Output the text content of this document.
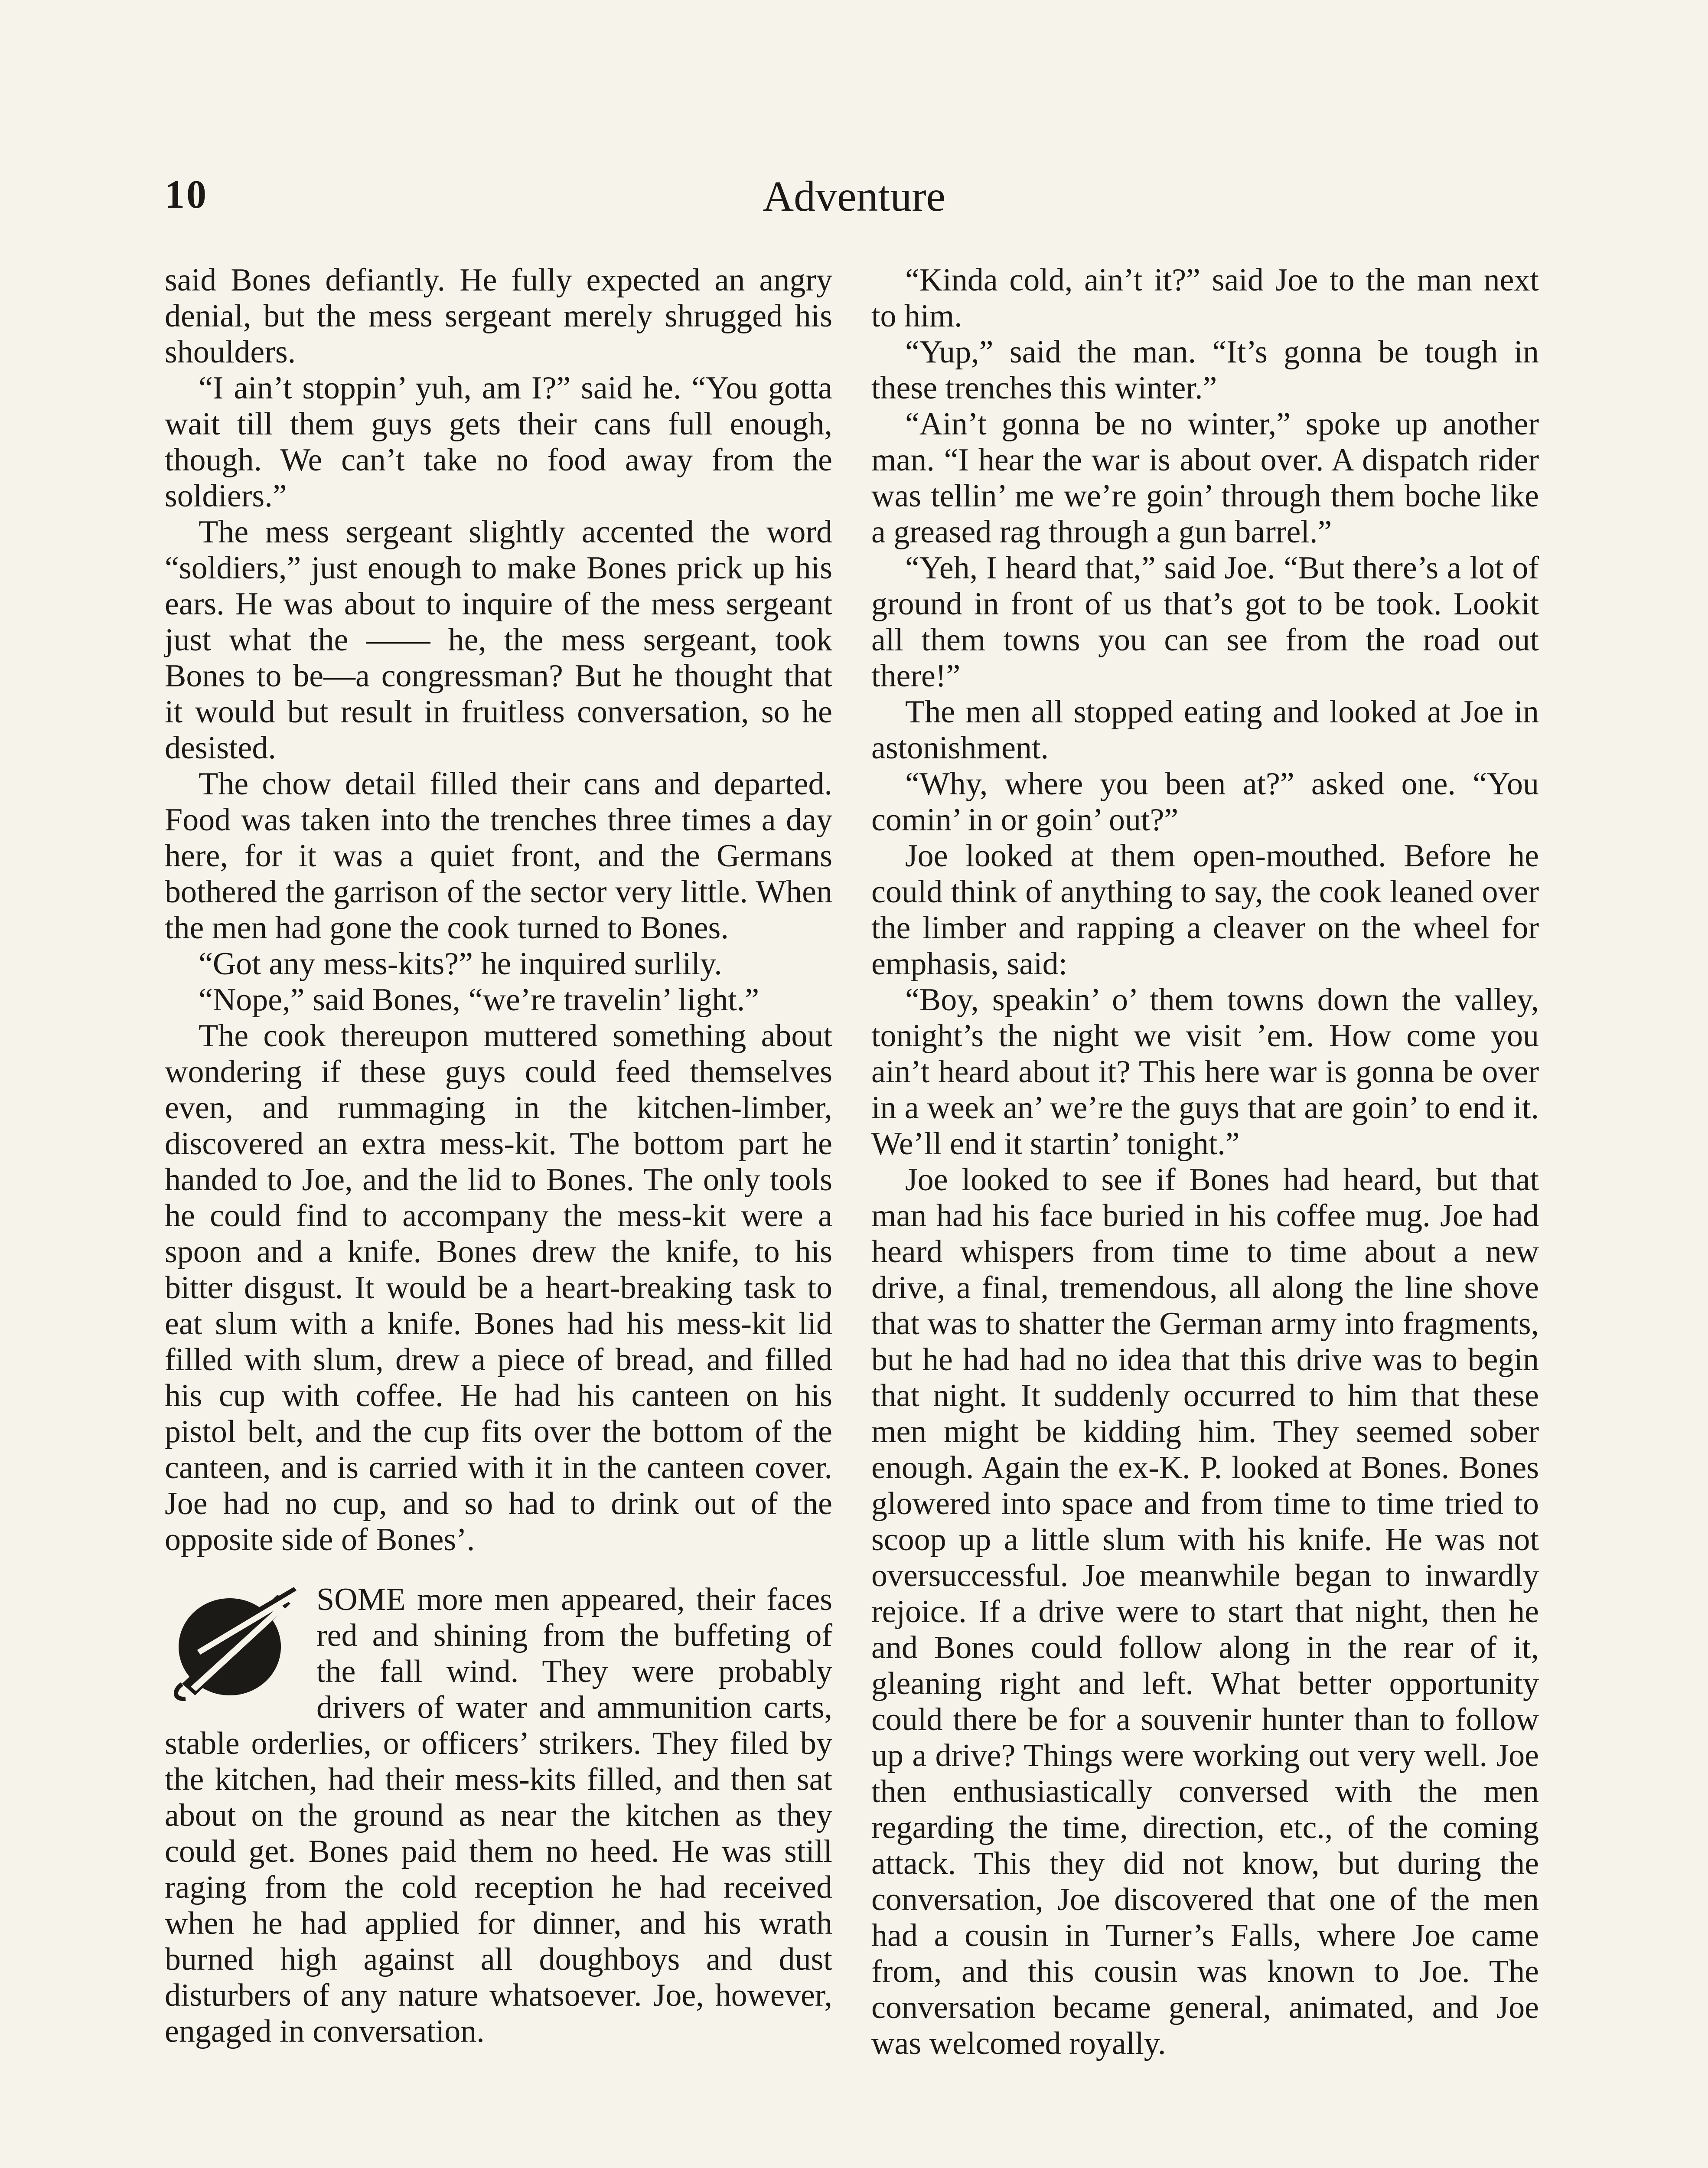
Adventure
10

said Bones defiantly. He fully expected an angry denial, but the mess sergeant merely shrugged his shoulders.

“I ain’t stoppin’ yuh, am I?” said he. “You gotta wait till them guys gets their cans full enough, though. We can’t take no food away from the soldiers.”

The mess sergeant slightly accented the word “soldiers,” just enough to make Bones prick up his ears. He was about to inquire of the mess sergeant just what the —— he, the mess sergeant, took Bones to be—a congressman? But he thought that it would but result in fruitless conversation, so he desisted.

The chow detail filled their cans and departed. Food was taken into the trenches three times a day here, for it was a quiet front, and the Germans bothered the garrison of the sector very little. When the men had gone the cook turned to Bones.

“Got any mess-kits?” he inquired surlily.

“Nope,” said Bones, “we’re travelin’ light.”

The cook thereupon muttered something about wondering if these guys could feed themselves even, and rummaging in the kitchen-limber, discovered an extra mess-kit. The bottom part he handed to Joe, and the lid to Bones. The only tools he could find to accompany the mess-kit were a spoon and a knife. Bones drew the knife, to his bitter disgust. It would be a heart-breaking task to eat slum with a knife. Bones had his mess-kit lid filled with slum, drew a piece of bread, and filled his cup with coffee. He had his canteen on his pistol belt, and the cup fits over the bottom of the canteen, and is carried with it in the canteen cover. Joe had no cup, and so had to drink out of the opposite side of Bones’.

SOME more men appeared, their faces red and shining from the buffeting of the fall wind. They were probably drivers of water and ammunition carts, stable orderlies, or officers’ strikers. They filed by the kitchen, had their mess-kits filled, and then sat about on the ground as near the kitchen as they could get. Bones paid them no heed. He was still raging from the cold reception he had received when he had applied for dinner, and his wrath burned high against all doughboys and dust disturbers of any nature whatsoever. Joe, however, engaged in conversation.

“Kinda cold, ain’t it?” said Joe to the man next to him.

“Yup,” said the man. “It’s gonna be tough in these trenches this winter.”

“Ain’t gonna be no winter,” spoke up another man. “I hear the war is about over. A dispatch rider was tellin’ me we’re goin’ through them boche like a greased rag through a gun barrel.”

“Yeh, I heard that,” said Joe. “But there’s a lot of ground in front of us that’s got to be took. Lookit all them towns you can see from the road out there!”

The men all stopped eating and looked at Joe in astonishment.

“Why, where you been at?” asked one. “You comin’ in or goin’ out?”

Joe looked at them open-mouthed. Before he could think of anything to say, the cook leaned over the limber and rapping a cleaver on the wheel for emphasis, said:

“Boy, speakin’ o’ them towns down the valley, tonight’s the night we visit ’em. How come you ain’t heard about it? This here war is gonna be over in a week an’ we’re the guys that are goin’ to end it. We’ll end it startin’ tonight.”

Joe looked to see if Bones had heard, but that man had his face buried in his coffee mug. Joe had heard whispers from time to time about a new drive, a final, tremendous, all along the line shove that was to shatter the German army into fragments, but he had had no idea that this drive was to begin that night. It suddenly occurred to him that these men might be kidding him. They seemed sober enough. Again the ex-K. P. looked at Bones. Bones glowered into space and from time to time tried to scoop up a little slum with his knife. He was not oversuccessful. Joe meanwhile began to inwardly rejoice. If a drive were to start that night, then he and Bones could follow along in the rear of it, gleaning right and left. What better opportunity could there be for a souvenir hunter than to follow up a drive? Things were working out very well. Joe then enthusiastically conversed with the men regarding the time, direction, etc., of the coming attack. This they did not know, but during the conversation, Joe discovered that one of the men had a cousin in Turner’s Falls, where Joe came from, and this cousin was known to Joe. The conversation became general, animated, and Joe was welcomed royally.
